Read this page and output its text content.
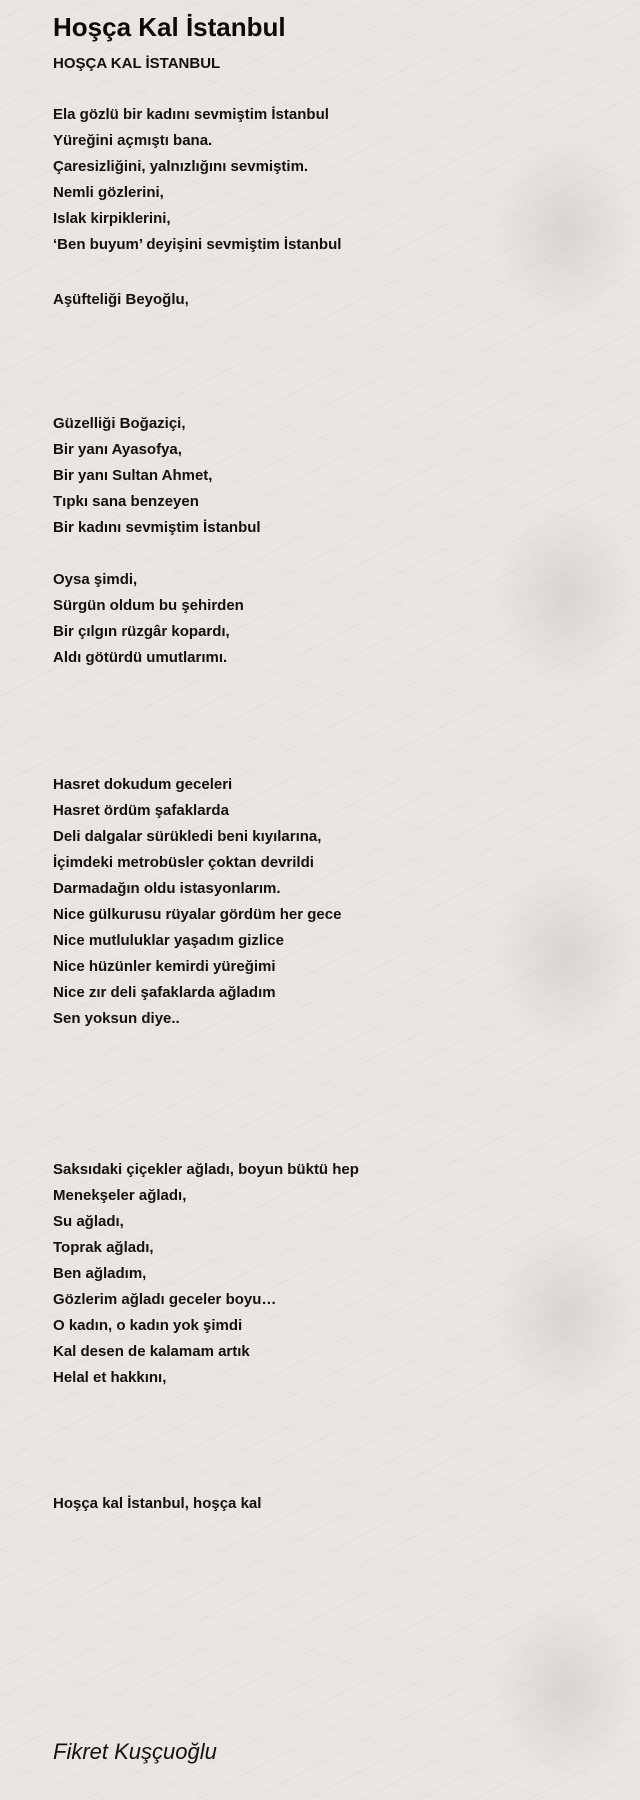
Hoşça Kal İstanbul
HOŞÇA KAL İSTANBUL
Ela gözlü bir kadını sevmiştim İstanbul
Yüreğini açmıştı bana.
Çaresizliğini, yalnızlığını sevmiştim.
Nemli gözlerini,
Islak kirpiklerini,
‘Ben buyum’ deyişini sevmiştim İstanbul
Aşüfteliği Beyoğlu,
Güzelliği Boğaziçi,
Bir yanı Ayasofya,
Bir yanı Sultan Ahmet,
Tıpkı sana benzeyen
Bir kadını sevmiştim İstanbul
Oysa şimdi,
Sürgün oldum bu şehirden
Bir çılgın rüzgâr kopardı,
Aldı götürdü umutlarımı.
Hasret dokudum geceleri
Hasret ördüm şafaklarda
Deli dalgalar sürükledi beni kıyılarına,
İçimdeki metrobüsler çoktan devrildi
Darmadağın oldu istasyonlarım.
Nice gülkurusu rüyalar gördüm her gece
Nice mutluluklar yaşadım gizlice
Nice hüzünler kemirdi yüreğimi
Nice zır deli şafaklarda ağladım
Sen yoksun diye..
Saksıdaki çiçekler ağladı, boyun büktü hep
Menekşeler ağladı,
Su ağladı,
Toprak ağladı,
Ben ağladım,
Gözlerim ağladı geceler boyu…
O kadın, o kadın yok şimdi
Kal desen de kalamam artık
Helal et hakkını,
Hoşça kal İstanbul, hoşça kal
Fikret Kuşçuoğlu
